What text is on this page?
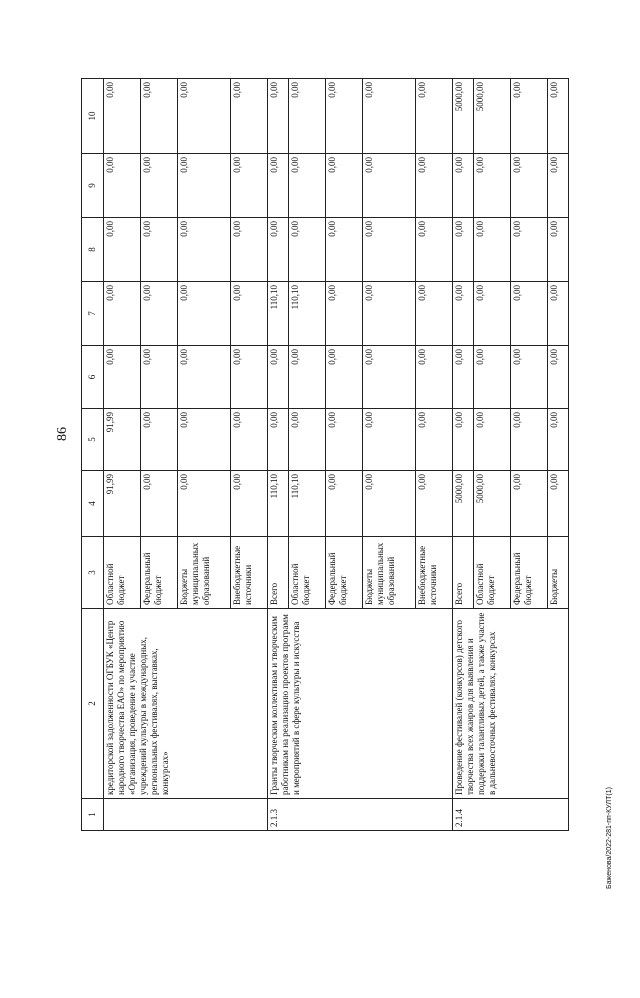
86
1	2	3	4	5	6	7	8	9	10
	кредиторской задолженности ОГБУК «Центр народного творчества ЕАО» по мероприятию «Организация, проведение и участие учреждений культуры в международных, региональных фестивалях, выставках, конкурсах»	Областной бюджет	91,99	91,99	0,00	0,00	0,00	0,00	0,00
		Федеральный бюджет	0,00	0,00	0,00	0,00	0,00	0,00	0,00
		Бюджеты муниципальных образований	0,00	0,00	0,00	0,00	0,00	0,00	0,00
		Внебюджетные источники	0,00	0,00	0,00	0,00	0,00	0,00	0,00
2.1.3	Гранты творческим коллективам и творческим работникам на реализацию проектов программ и мероприятий в сфере культуры и искусства	Всего	110,10	0,00	0,00	110,10	0,00	0,00	0,00
		Областной бюджет	110,10	0,00	0,00	110,10	0,00	0,00	0,00
		Федеральный бюджет	0,00	0,00	0,00	0,00	0,00	0,00	0,00
		Бюджеты муниципальных образований	0,00	0,00	0,00	0,00	0,00	0,00	0,00
		Внебюджетные источники	0,00	0,00	0,00	0,00	0,00	0,00	0,00
2.1.4	Проведение фестивалей (конкурсов) детского творчества всех жанров для выявления и поддержки талантливых детей, а также участие в дальневосточных фестивалях, конкурсах	Всего	5000,00	0,00	0,00	0,00	0,00	0,00	5000,00
		Областной бюджет	5000,00	0,00	0,00	0,00	0,00	0,00	5000,00
		Федеральный бюджет	0,00	0,00	0,00	0,00	0,00	0,00	0,00
		Бюджеты	0,00	0,00	0,00	0,00	0,00	0,00	0,00
Баженова/2022-281-пп-КУЛТ(1)
